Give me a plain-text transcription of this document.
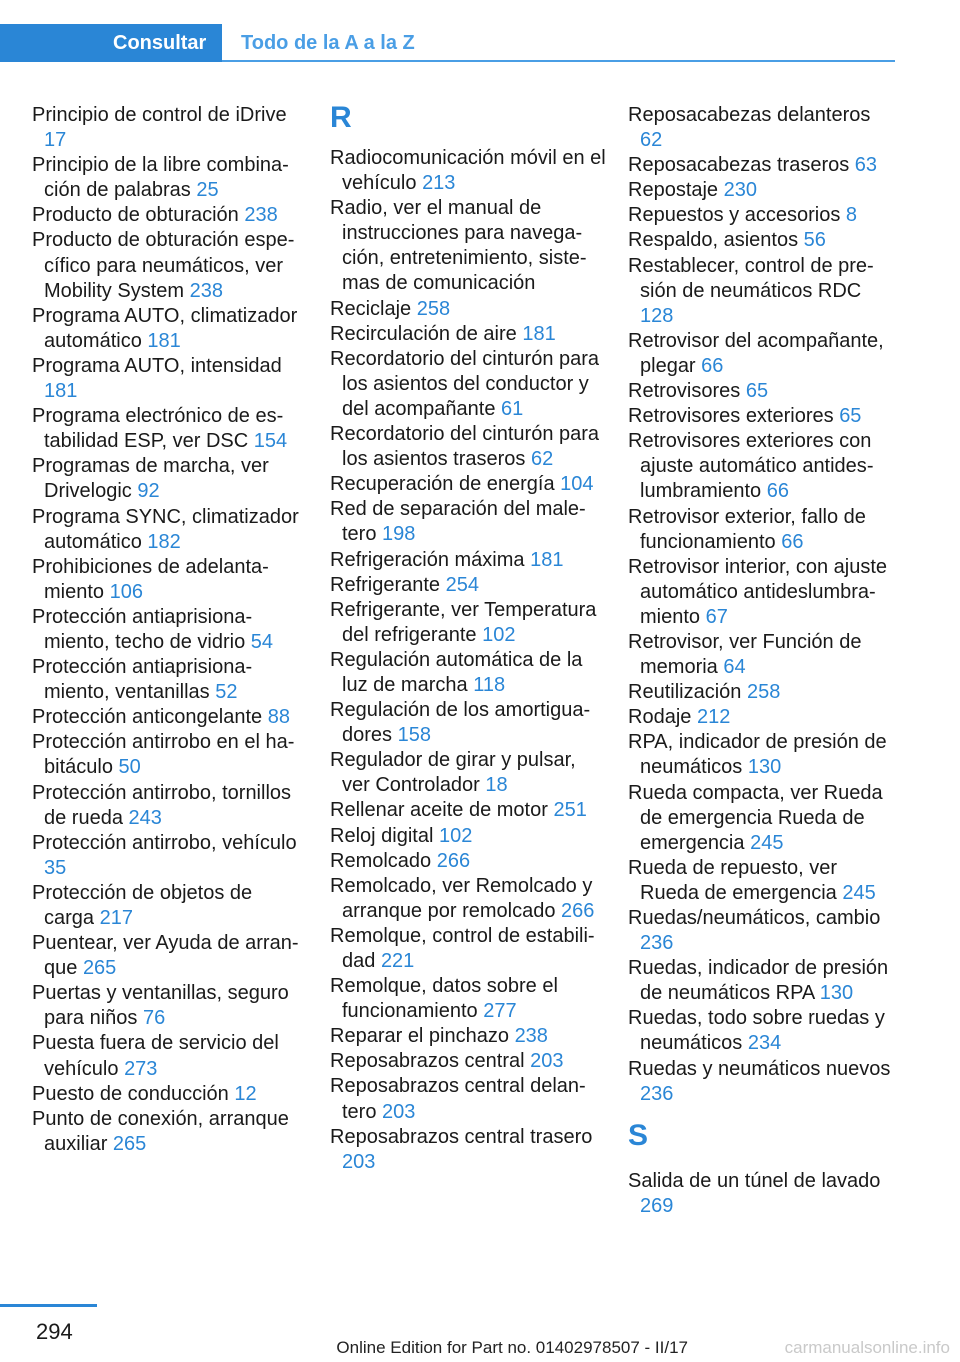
Consultar	Todo de la A a la Z
Principio de control de iDrive 17
Principio de la libre combinación de palabras 25
Producto de obturación 238
Producto de obturación específico para neumáticos, ver Mobility System 238
Programa AUTO, climatizador automático 181
Programa AUTO, intensidad 181
Programa electrónico de estabilidad ESP, ver DSC 154
Programas de marcha, ver Drivelogic 92
Programa SYNC, climatizador automático 182
Prohibiciones de adelantamiento 106
Protección antiaprisionamiento, techo de vidrio 54
Protección antiaprisionamiento, ventanillas 52
Protección anticongelante 88
Protección antirrobo en el habitáculo 50
Protección antirrobo, tornillos de rueda 243
Protección antirrobo, vehículo 35
Protección de objetos de carga 217
Puentear, ver Ayuda de arranque 265
Puertas y ventanillas, seguro para niños 76
Puesta fuera de servicio del vehículo 273
Puesto de conducción 12
Punto de conexión, arranque auxiliar 265
R
Radiocomunicación móvil en el vehículo 213
Radio, ver el manual de instrucciones para navegación, entretenimiento, sistemas de comunicación
Reciclaje 258
Recirculación de aire 181
Recordatorio del cinturón para los asientos del conductor y del acompañante 61
Recordatorio del cinturón para los asientos traseros 62
Recuperación de energía 104
Red de separación del maletero 198
Refrigeración máxima 181
Refrigerante 254
Refrigerante, ver Temperatura del refrigerante 102
Regulación automática de la luz de marcha 118
Regulación de los amortiguadores 158
Regulador de girar y pulsar, ver Controlador 18
Rellenar aceite de motor 251
Reloj digital 102
Remolcado 266
Remolcado, ver Remolcado y arranque por remolcado 266
Remolque, control de estabilidad 221
Remolque, datos sobre el funcionamiento 277
Reparar el pinchazo 238
Reposabrazos central 203
Reposabrazos central delantero 203
Reposabrazos central trasero 203
Reposacabezas delanteros 62
Reposacabezas traseros 63
Repostaje 230
Repuestos y accesorios 8
Respaldo, asientos 56
Restablecer, control de presión de neumáticos RDC 128
Retrovisor del acompañante, plegar 66
Retrovisores 65
Retrovisores exteriores 65
Retrovisores exteriores con ajuste automático antideslumbramiento 66
Retrovisor exterior, fallo de funcionamiento 66
Retrovisor interior, con ajuste automático antideslumbramiento 67
Retrovisor, ver Función de memoria 64
Reutilización 258
Rodaje 212
RPA, indicador de presión de neumáticos 130
Rueda compacta, ver Rueda de emergencia Rueda de emergencia 245
Rueda de repuesto, ver Rueda de emergencia 245
Ruedas/neumáticos, cambio 236
Ruedas, indicador de presión de neumáticos RPA 130
Ruedas, todo sobre ruedas y neumáticos 234
Ruedas y neumáticos nuevos 236
S
Salida de un túnel de lavado 269
294
Online Edition for Part no. 01402978507 - II/17	carmanualsonline.info
